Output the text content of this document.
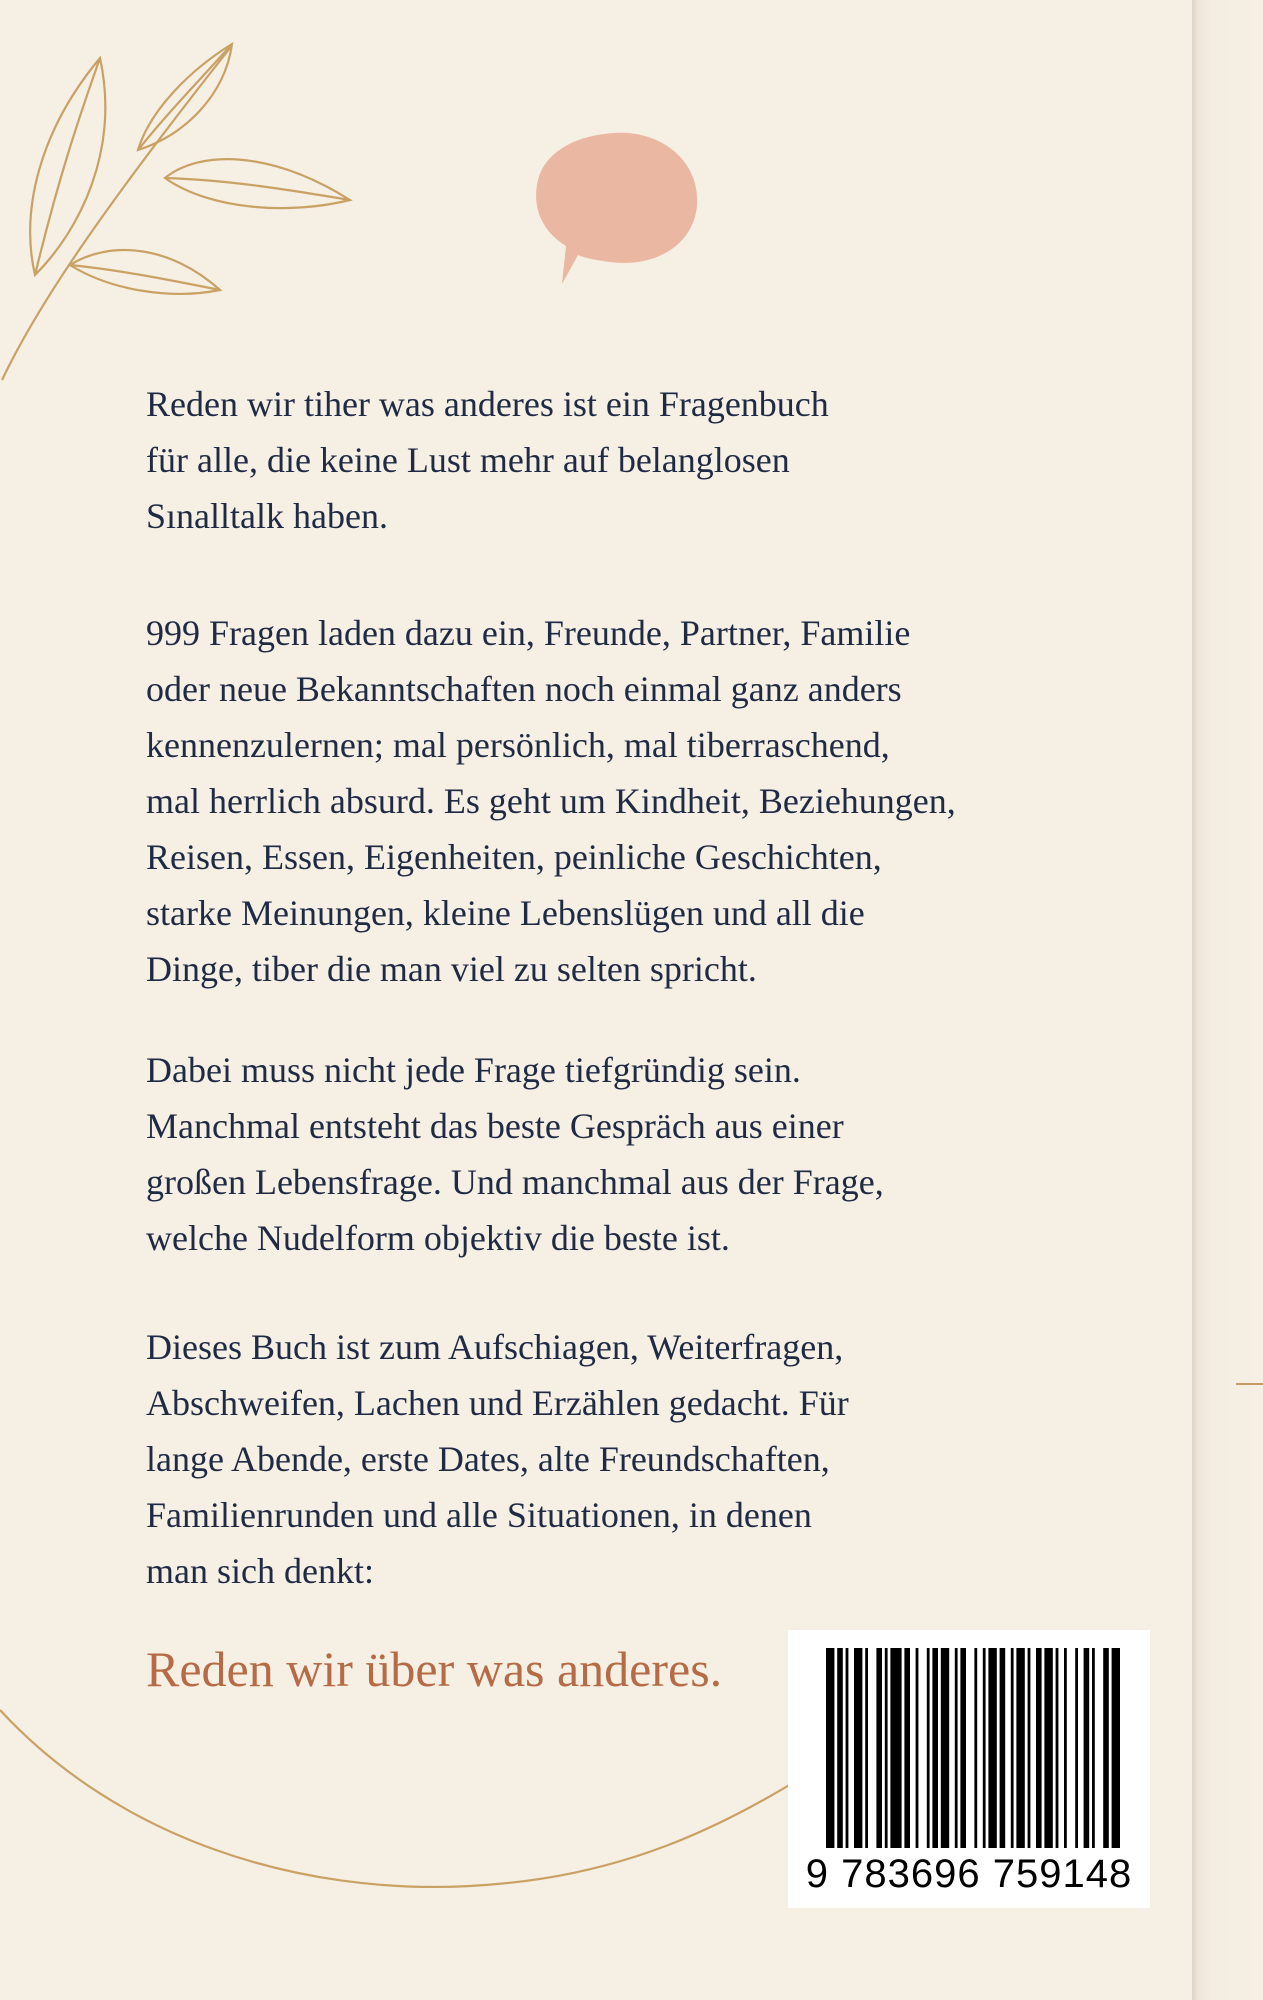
Reden wir tiher was anderes ist ein Fragenbuch
für alle, die keine Lust mehr auf belanglosen
Sınalltalk haben.

999 Fragen laden dazu ein, Freunde, Partner, Familie
oder neue Bekanntschaften noch einmal ganz anders
kennenzulernen; mal persönlich, mal tiberraschend,
mal herrlich absurd. Es geht um Kindheit, Beziehungen,
Reisen, Essen, Eigenheiten, peinliche Geschichten,
starke Meinungen, kleine Lebenslügen und all die
Dinge, tiber die man viel zu selten spricht.

Dabei muss nicht jede Frage tiefgründig sein.
Manchmal entsteht das beste Gespräch aus einer
großen Lebensfrage. Und manchmal aus der Frage,
welche Nudelform objektiv die beste ist.

Dieses Buch ist zum Aufschiagen, Weiterfragen,
Abschweifen, Lachen und Erzählen gedacht. Für
lange Abende, erste Dates, alte Freundschaften,
Familienrunden und alle Situationen, in denen
man sich denkt:

Reden wir über was anderes.

9 783696 759148
